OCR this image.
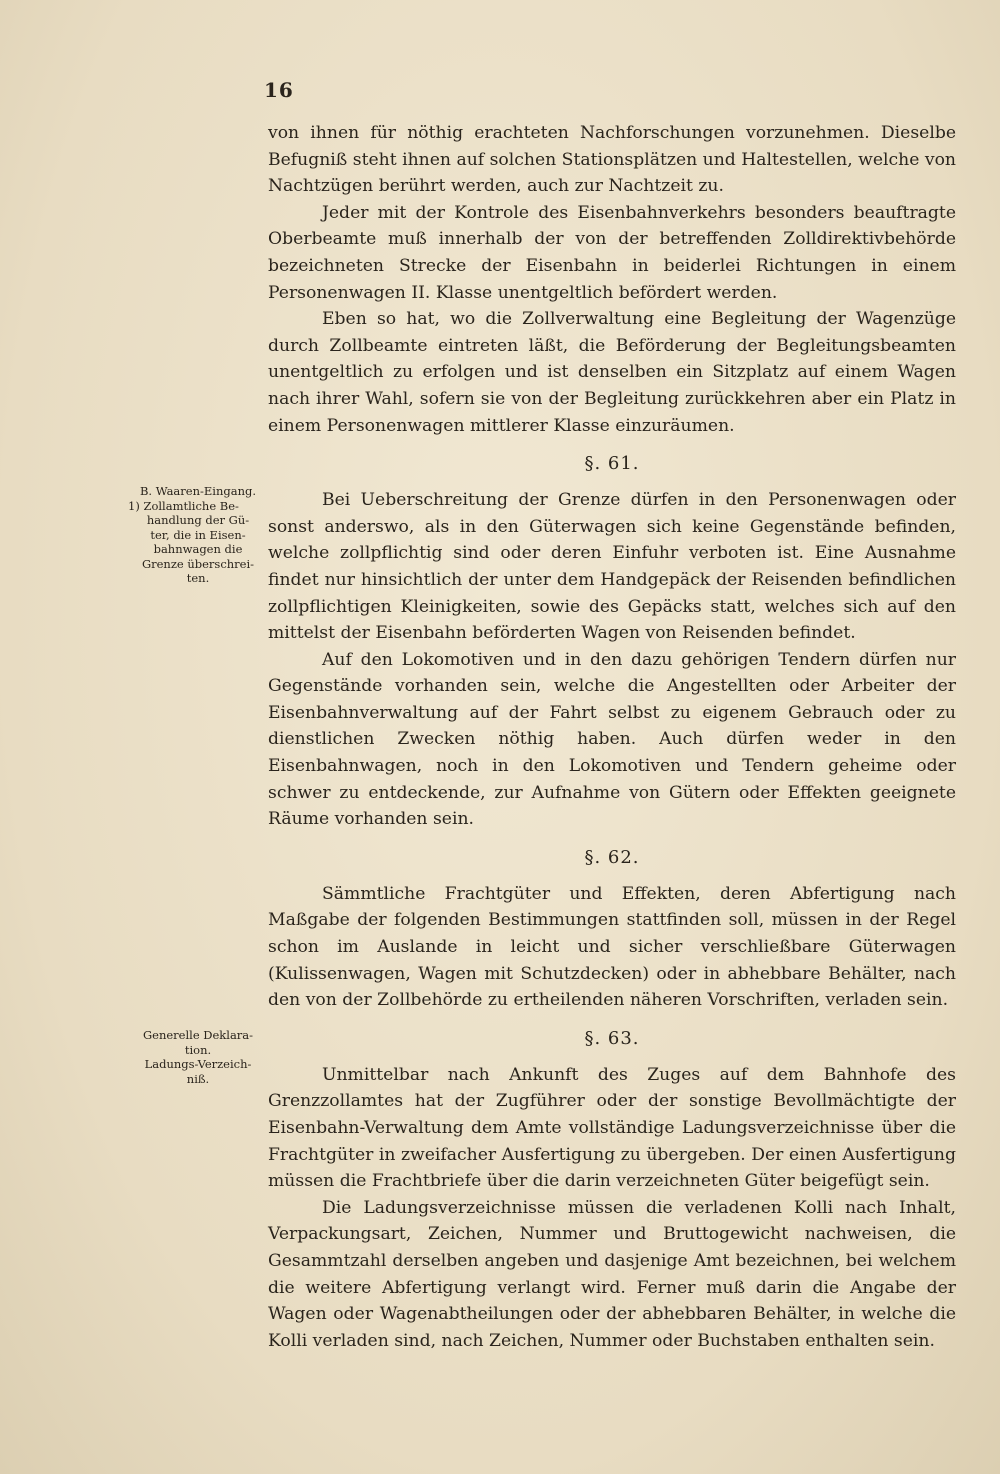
16
B. Waaren-Eingang.
1) Zollamtliche Be-
handlung der Gü-
ter, die in Eisen-
bahnwagen die
Grenze überschrei-
ten.
Generelle Deklara-
tion.
Ladungs-Verzeich-
niß.

von ihnen für nöthig erachteten Nachforschungen vorzunehmen. Dieselbe Befugniß steht ihnen auf solchen Stationsplätzen und Haltestellen, welche von Nachtzügen berührt werden, auch zur Nachtzeit zu.

Jeder mit der Kontrole des Eisenbahnverkehrs besonders beauftragte Oberbeamte muß innerhalb der von der betreffenden Zolldirektivbehörde bezeichneten Strecke der Eisenbahn in beiderlei Richtungen in einem Personenwagen II. Klasse unentgeltlich befördert werden.

Eben so hat, wo die Zollverwaltung eine Begleitung der Wagenzüge durch Zollbeamte eintreten läßt, die Beförderung der Begleitungsbeamten unentgeltlich zu erfolgen und ist denselben ein Sitzplatz auf einem Wagen nach ihrer Wahl, sofern sie von der Begleitung zurückkehren aber ein Platz in einem Personenwagen mittlerer Klasse einzuräumen.

§. 61.

Bei Ueberschreitung der Grenze dürfen in den Personenwagen oder sonst anderswo, als in den Güterwagen sich keine Gegenstände befinden, welche zollpflichtig sind oder deren Einfuhr verboten ist. Eine Ausnahme findet nur hinsichtlich der unter dem Handgepäck der Reisenden befindlichen zollpflichtigen Kleinigkeiten, sowie des Gepäcks statt, welches sich auf den mittelst der Eisenbahn beförderten Wagen von Reisenden befindet.

Auf den Lokomotiven und in den dazu gehörigen Tendern dürfen nur Gegenstände vorhanden sein, welche die Angestellten oder Arbeiter der Eisenbahnverwaltung auf der Fahrt selbst zu eigenem Gebrauch oder zu dienstlichen Zwecken nöthig haben. Auch dürfen weder in den Eisenbahnwagen, noch in den Lokomotiven und Tendern geheime oder schwer zu entdeckende, zur Aufnahme von Gütern oder Effekten geeignete Räume vorhanden sein.

§. 62.

Sämmtliche Frachtgüter und Effekten, deren Abfertigung nach Maßgabe der folgenden Bestimmungen stattfinden soll, müssen in der Regel schon im Auslande in leicht und sicher verschließbare Güterwagen (Kulissenwagen, Wagen mit Schutzdecken) oder in abhebbare Behälter, nach den von der Zollbehörde zu ertheilenden näheren Vorschriften, verladen sein.

§. 63.

Unmittelbar nach Ankunft des Zuges auf dem Bahnhofe des Grenzzollamtes hat der Zugführer oder der sonstige Bevollmächtigte der Eisenbahn-Verwaltung dem Amte vollständige Ladungsverzeichnisse über die Frachtgüter in zweifacher Ausfertigung zu übergeben. Der einen Ausfertigung müssen die Frachtbriefe über die darin verzeichneten Güter beigefügt sein.

Die Ladungsverzeichnisse müssen die verladenen Kolli nach Inhalt, Verpackungsart, Zeichen, Nummer und Bruttogewicht nachweisen, die Gesammtzahl derselben angeben und dasjenige Amt bezeichnen, bei welchem die weitere Abfertigung verlangt wird. Ferner muß darin die Angabe der Wagen oder Wagenabtheilungen oder der abhebbaren Behälter, in welche die Kolli verladen sind, nach Zeichen, Nummer oder Buchstaben enthalten sein.
